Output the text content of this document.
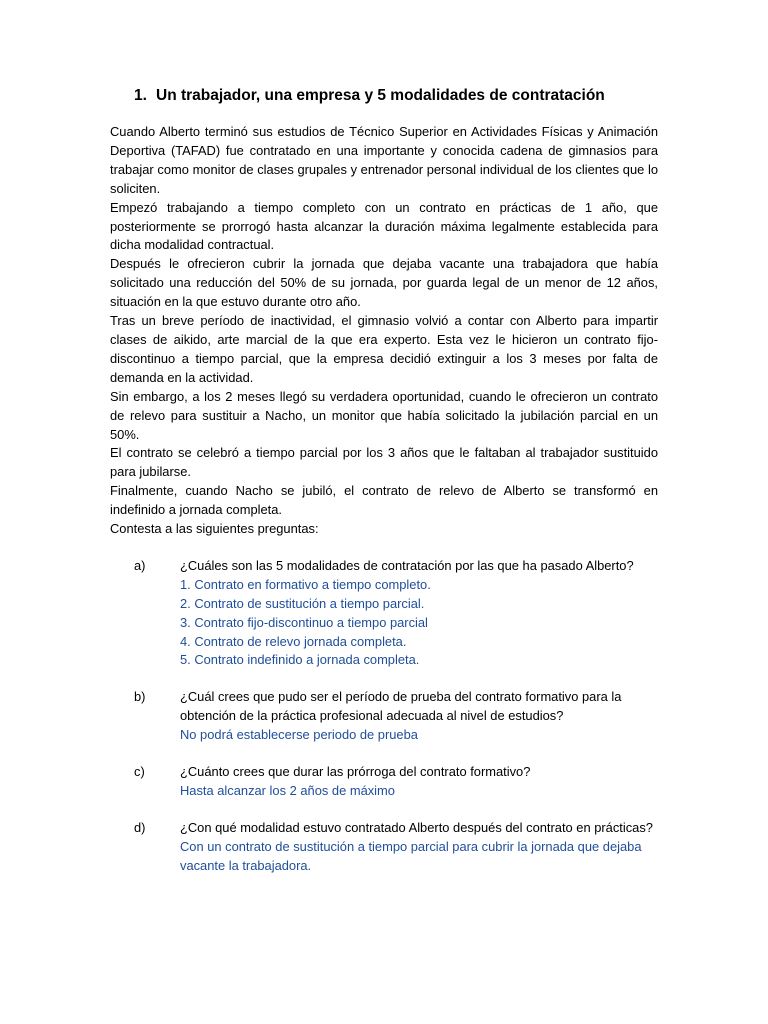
1. Un trabajador, una empresa y 5 modalidades de contratación

Cuando Alberto terminó sus estudios de Técnico Superior en Actividades Físicas y Animación Deportiva (TAFAD) fue contratado en una importante y conocida cadena de gimnasios para trabajar como monitor de clases grupales y entrenador personal individual de los clientes que lo soliciten.

Empezó trabajando a tiempo completo con un contrato en prácticas de 1 año, que posteriormente se prorrogó hasta alcanzar la duración máxima legalmente establecida para dicha modalidad contractual.

Después le ofrecieron cubrir la jornada que dejaba vacante una trabajadora que había solicitado una reducción del 50% de su jornada, por guarda legal de un menor de 12 años, situación en la que estuvo durante otro año.

Tras un breve período de inactividad, el gimnasio volvió a contar con Alberto para impartir clases de aikido, arte marcial de la que era experto. Esta vez le hicieron un contrato fijo-discontinuo a tiempo parcial, que la empresa decidió extinguir a los 3 meses por falta de demanda en la actividad.

Sin embargo, a los 2 meses llegó su verdadera oportunidad, cuando le ofrecieron un contrato de relevo para sustituir a Nacho, un monitor que había solicitado la jubilación parcial en un 50%.

El contrato se celebró a tiempo parcial por los 3 años que le faltaban al trabajador sustituido para jubilarse.

Finalmente, cuando Nacho se jubiló, el contrato de relevo de Alberto se transformó en indefinido a jornada completa.

Contesta a las siguientes preguntas:

a)	¿Cuáles son las 5 modalidades de contratación por las que ha pasado Alberto?
1. Contrato en formativo a tiempo completo.
2. Contrato de sustitución a tiempo parcial.
3. Contrato fijo-discontinuo a tiempo parcial
4. Contrato de relevo jornada completa.
5. Contrato indefinido a jornada completa.
b)	¿Cuál crees que pudo ser el período de prueba del contrato formativo para la obtención de la práctica profesional adecuada al nivel de estudios?
No podrá establecerse periodo de prueba
c)	¿Cuánto crees que durar las prórroga del contrato formativo?
Hasta alcanzar los 2 años de máximo
d)	¿Con qué modalidad estuvo contratado Alberto después del contrato en prácticas?
Con un contrato de sustitución a tiempo parcial para cubrir la jornada que dejaba vacante la trabajadora.
